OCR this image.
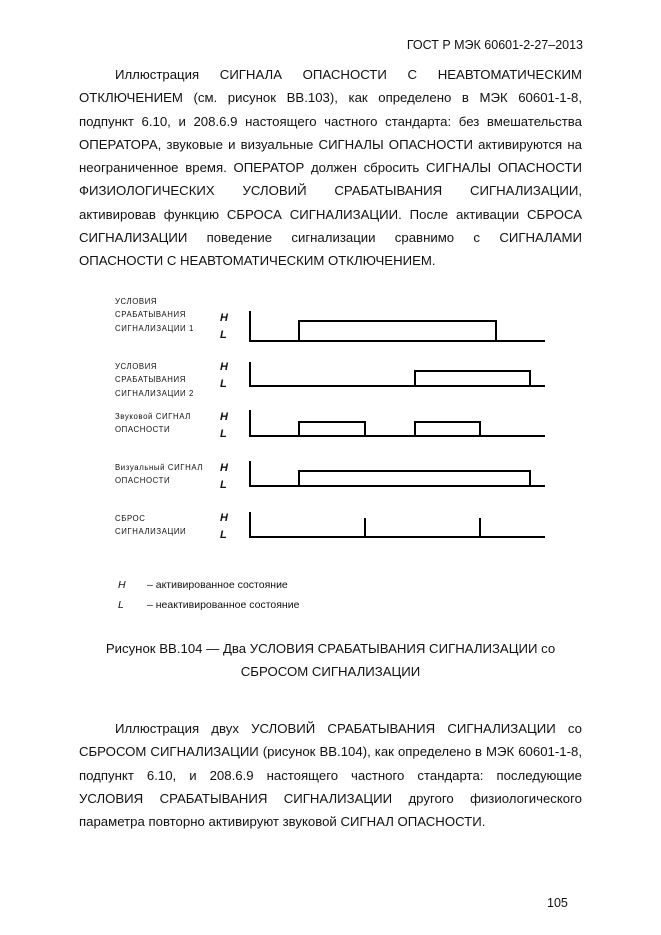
ГОСТ Р МЭК 60601-2-27–2013

Иллюстрация СИГНАЛА ОПАСНОСТИ С НЕАВТОМАТИЧЕСКИМ ОТКЛЮЧЕНИЕМ (см. рисунок ВВ.103), как определено в МЭК 60601-1-8, подпункт 6.10, и 208.6.9 настоящего частного стандарта: без вмешательства ОПЕРАТОРА, звуковые и визуальные СИГНАЛЫ ОПАСНОСТИ активируются на неограниченное время. ОПЕРАТОР должен сбросить СИГНАЛЫ ОПАСНОСТИ ФИЗИОЛОГИЧЕСКИХ УСЛОВИЙ СРАБАТЫВАНИЯ СИГНАЛИЗАЦИИ, активировав функцию СБРОСА СИГНАЛИЗАЦИИ. После активации СБРОСА СИГНАЛИЗАЦИИ поведение сигнализации сравнимо с СИГНАЛАМИ ОПАСНОСТИ С НЕАВТОМАТИЧЕСКИМ ОТКЛЮЧЕНИЕМ.

УСЛОВИЯ
СРАБАТЫВАНИЯ
СИГНАЛИЗАЦИИ 1
УСЛОВИЯ
СРАБАТЫВАНИЯ
СИГНАЛИЗАЦИИ 2
Звуковой СИГНАЛ
ОПАСНОСТИ
Визуальный СИГНАЛ
ОПАСНОСТИ
СБРОС
СИГНАЛИЗАЦИИ
H
L
H
L
H
L
H
L
H
L
H – активированное состояние
L – неактивированное состояние
Рисунок ВВ.104 — Два УСЛОВИЯ СРАБАТЫВАНИЯ СИГНАЛИЗАЦИИ со
СБРОСОМ СИГНАЛИЗАЦИИ

Иллюстрация двух УСЛОВИЙ СРАБАТЫВАНИЯ СИГНАЛИЗАЦИИ со СБРОСОМ СИГНАЛИЗАЦИИ (рисунок ВВ.104), как определено в МЭК 60601-1-8, подпункт 6.10, и 208.6.9 настоящего частного стандарта: последующие УСЛОВИЯ СРАБАТЫВАНИЯ СИГНАЛИЗАЦИИ другого физиологического параметра повторно активируют звуковой СИГНАЛ ОПАСНОСТИ.

105
